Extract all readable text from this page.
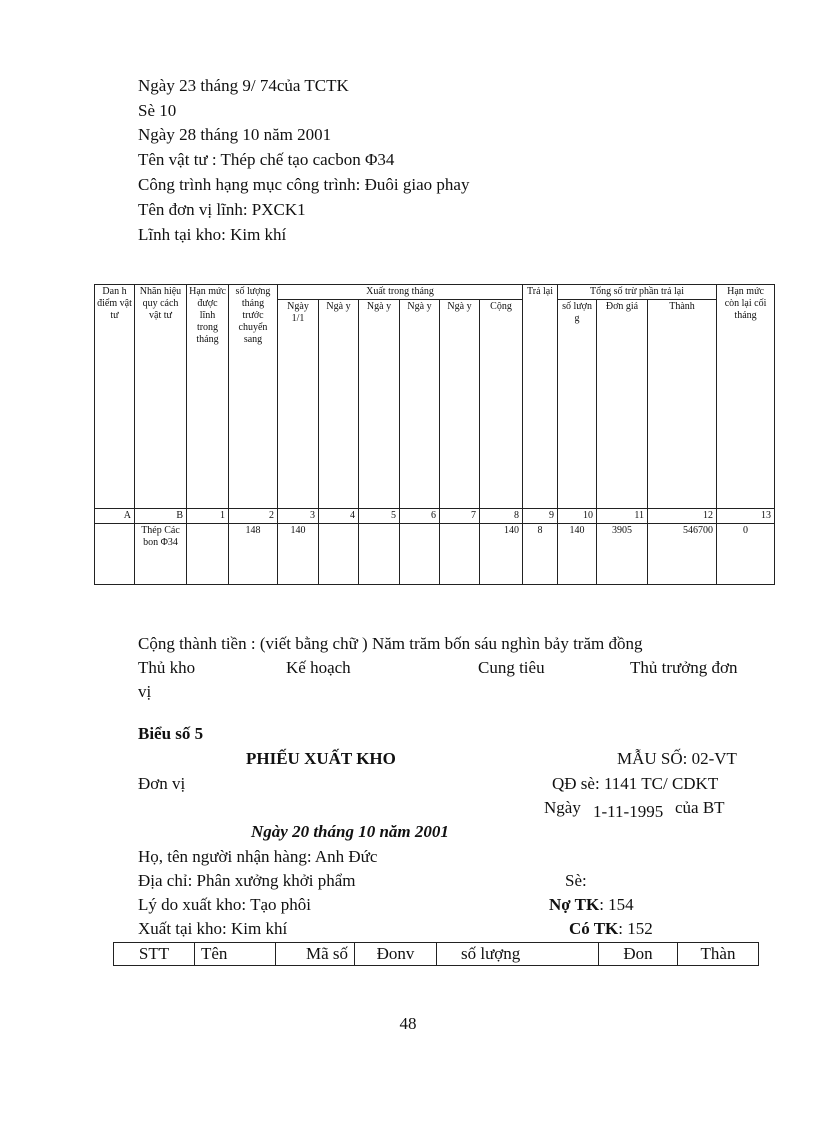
Ngày 23 tháng 9/ 74của TCTK
Sè 10
Ngày 28 tháng 10 năm 2001
Tên vật tư : Thép chế tạo cacbon Φ34
Công trình hạng mục công trình: Đuôi giao phay
Tên đơn vị lĩnh: PXCK1
Lĩnh tại kho: Kim khí
Dan h điểm vật tư	Nhãn hiệu quy cách vật tư	Hạn mức được lĩnh trong tháng	số lượng tháng trước chuyển sang	Xuất trong tháng						Trả lại	Tổng số trừ phần trả lại			Hạn mức còn lại cối tháng
				Ngày 1/1	Ngà y	Ngà y	Ngà y	Ngà y	Cộng		số lượn g	Đơn giá	Thành	
A	B	1	2	3	4	5	6	7	8	9	10	11	12	13
	Thép Các bon Φ34		148	140					140	8	140	3905	546700	0
Cộng thành tiền : (viết bằng chữ ) Năm trăm bốn sáu nghìn bảy trăm đồng
Thủ kho	Kế hoạch	Cung tiêu	Thủ trưởng đơn
vị
Biểu số 5
PHIẾU XUẤT KHO	MẪU SỐ: 02-VT
Đơn vị	QĐ sè: 1141 TC/ CDKT
Ngày 1-11-1995 của BT
Ngày 20 tháng 10 năm 2001
Họ, tên người nhận hàng: Anh Đức
Địa chỉ: Phân xưởng khởi phẩm	Sè:
Lý do xuất kho: Tạo phôi	Nợ TK: 154
Xuất tại kho: Kim khí	Có TK: 152
STT	Tên	Mã số	Đonv	số lượng	Đon	Thàn
48
